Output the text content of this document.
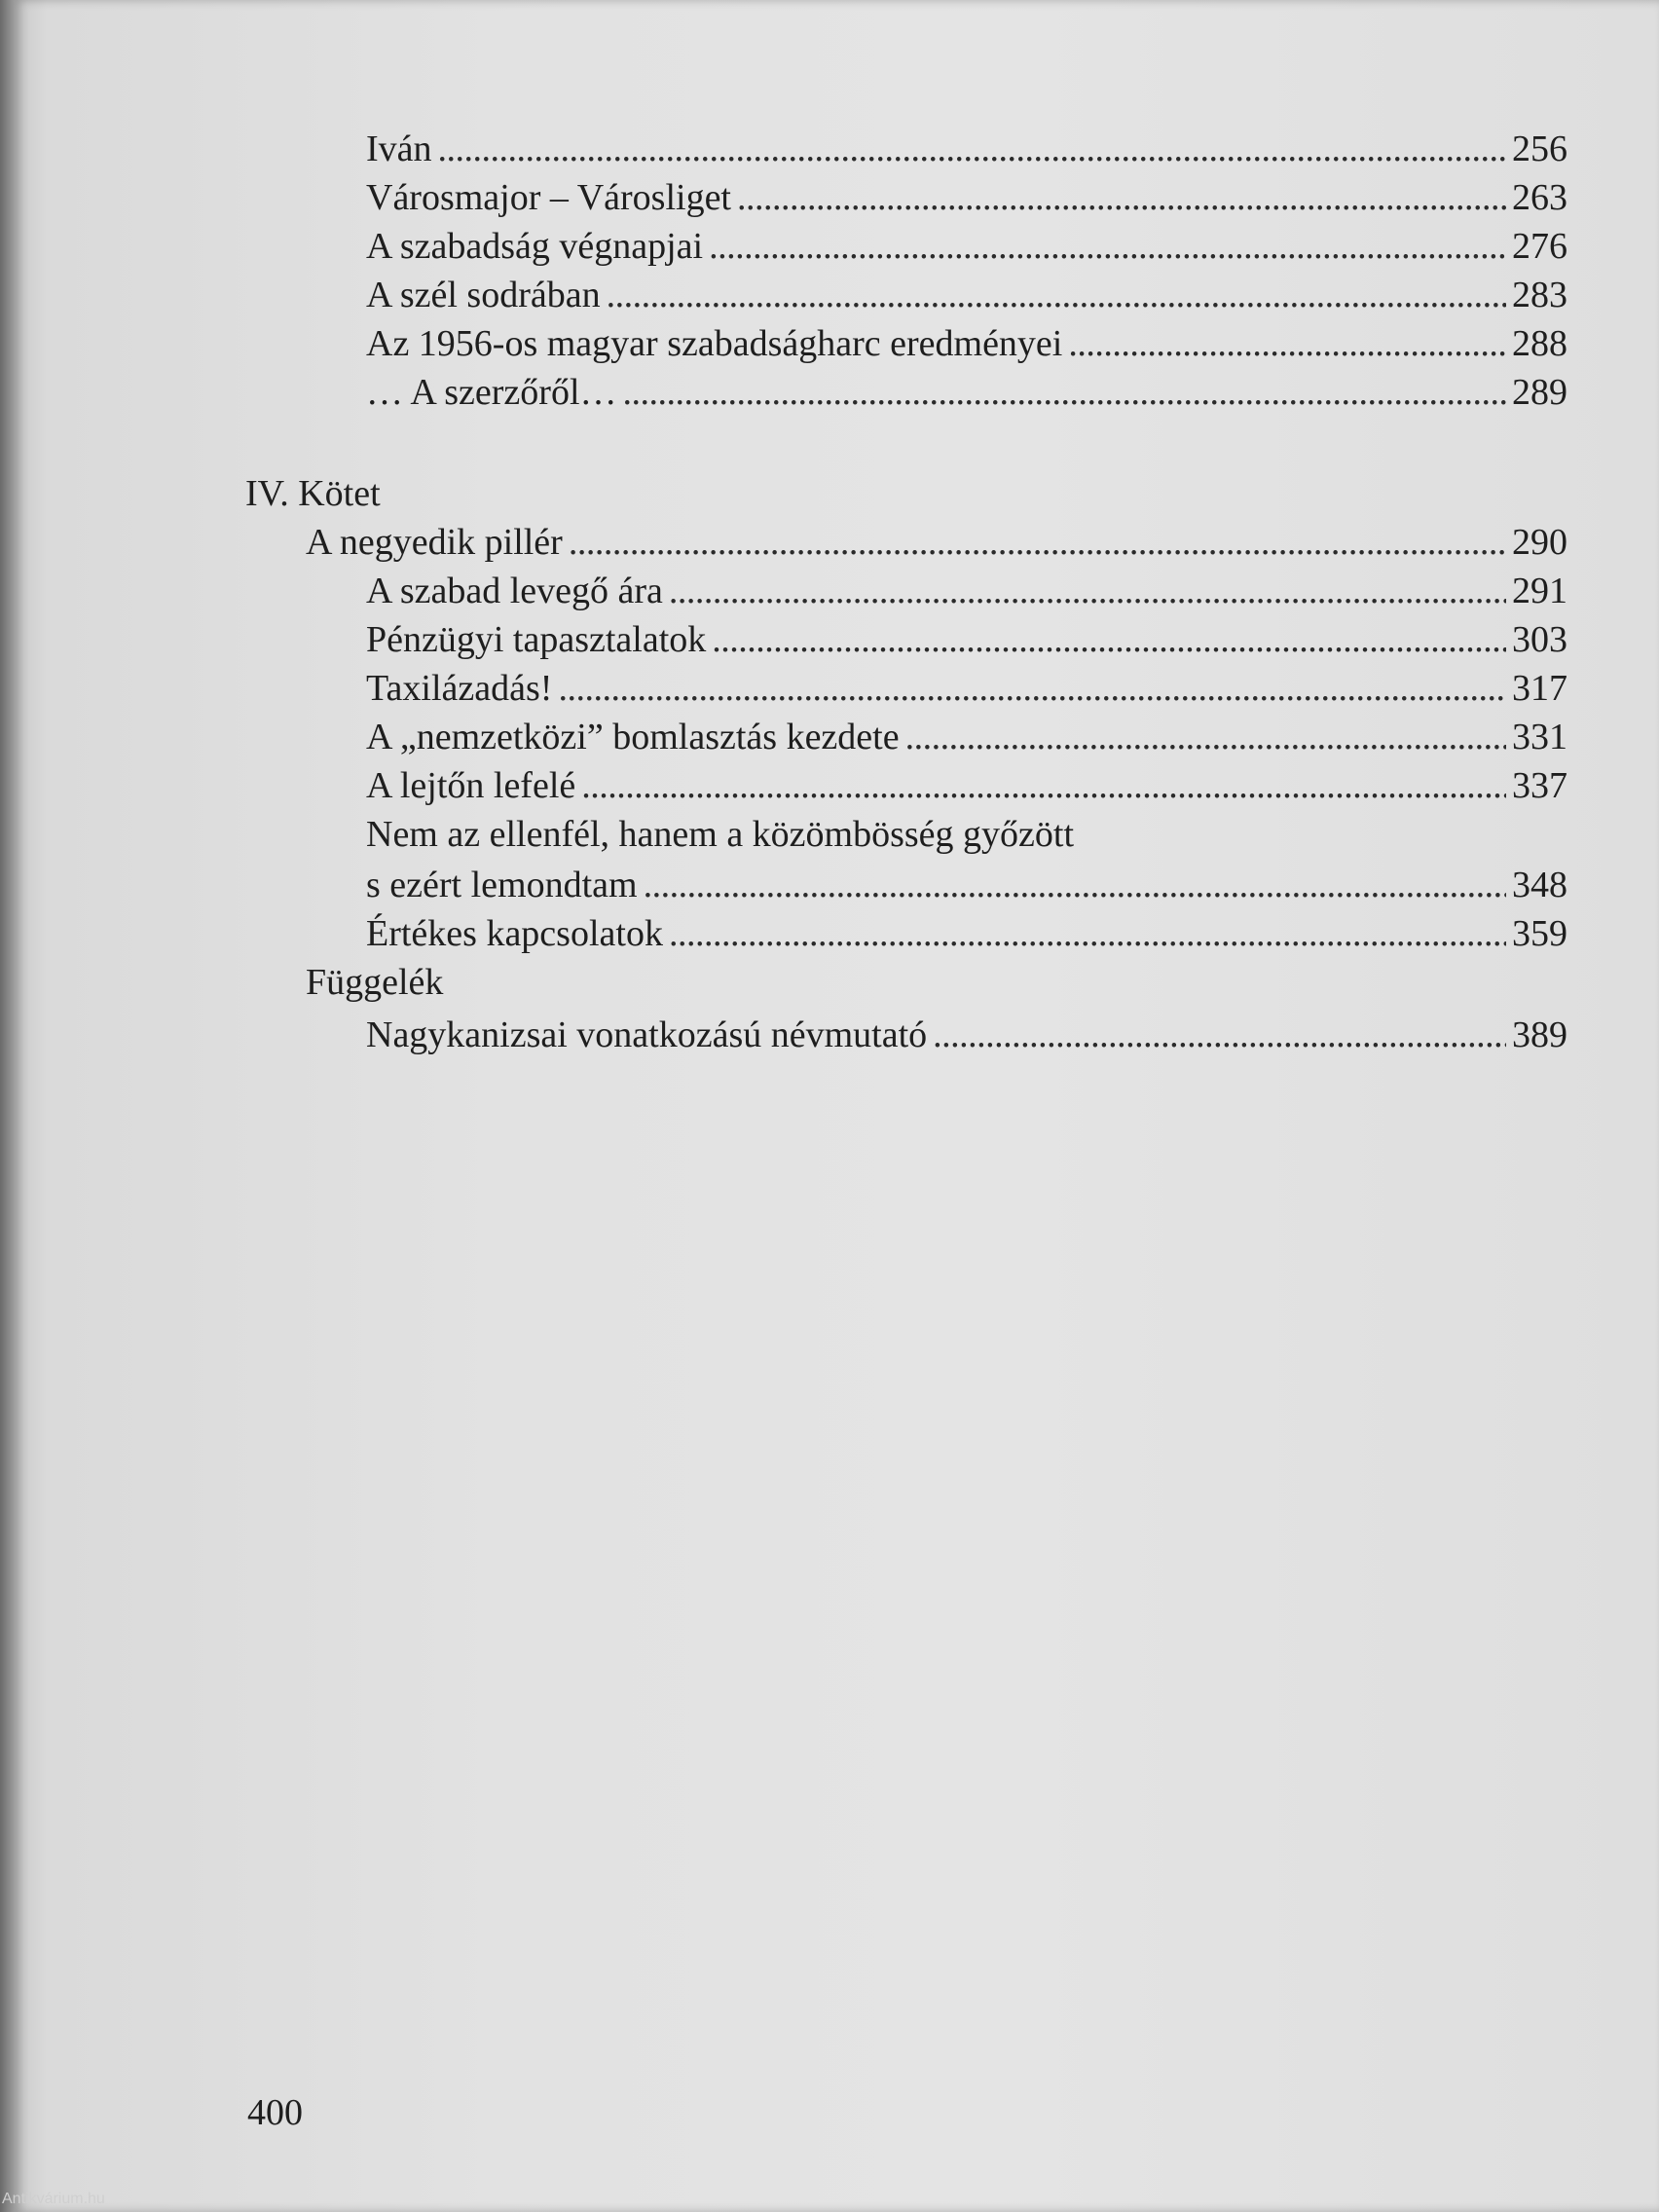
Iván . . .	256
Városmajor – Városliget . . .	263
A szabadság végnapjai . . .	276
A szél sodrában . . .	283
Az 1956-os magyar szabadságharc eredményei . . .	288
… A szerzőről… . . .	289
IV. Kötet
A negyedik pillér . . .	290
A szabad levegő ára . . .	291
Pénzügyi tapasztalatok . . .	303
Taxilázadás! . . .	317
A „nemzetközi” bomlasztás kezdete . . .	331
A lejtőn lefelé . . .	337
Nem az ellenfél, hanem a közömbösség győzött
s ezért lemondtam . . .	348
Értékes kapcsolatok . . .	359
Függelék
Nagykanizsai vonatkozású névmutató . . .	389
400
Antikvárium.hu
